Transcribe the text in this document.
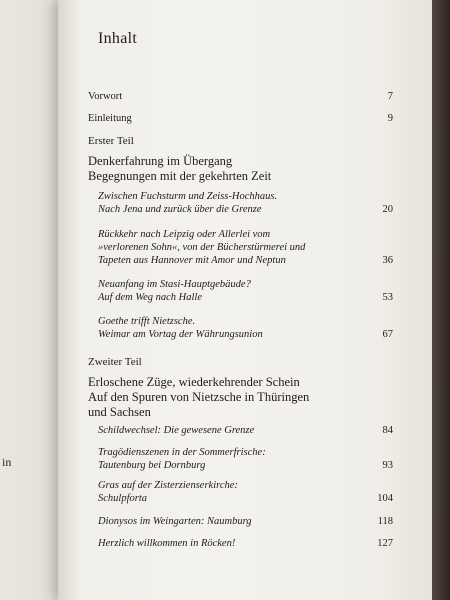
in
Inhalt
Vorwort	7
Einleitung	9
Erster Teil
Denkerfahrung im Übergang
Begegnungen mit der gekehrten Zeit
Zwischen Fuchsturm und Zeiss-Hochhaus.
Nach Jena und zurück über die Grenze	20
Rückkehr nach Leipzig oder Allerlei vom
»verlorenen Sohn«, von der Bücherstürmerei und
Tapeten aus Hannover mit Amor und Neptun	36
Neuanfang im Stasi-Hauptgebäude?
Auf dem Weg nach Halle	53
Goethe trifft Nietzsche.
Weimar am Vortag der Währungsunion	67
Zweiter Teil
Erloschene Züge, wiederkehrender Schein
Auf den Spuren von Nietzsche in Thüringen
und Sachsen
Schildwechsel: Die gewesene Grenze	84
Tragödienszenen in der Sommerfrische:
Tautenburg bei Dornburg	93
Gras auf der Zisterzienserkirche:
Schulpforta	104
Dionysos im Weingarten: Naumburg	118
Herzlich willkommen in Röcken!	127
